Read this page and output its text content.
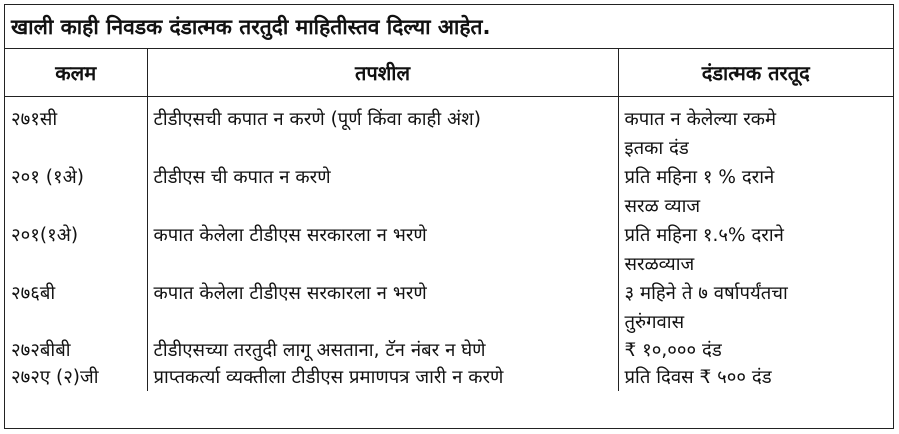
खाली काही निवडक दंडात्मक तरतुदी माहितीस्तव दिल्या आहेत.
कलम	तपशील	दंडात्मक तरतूद
२७१सी	टीडीएसची कपात न करणे (पूर्ण किंवा काही अंश)	कपात न केलेल्या रकमे
इतका दंड
२०१ (१अे)	टीडीएस ची कपात न करणे	प्रति महिना १ % दराने
सरळ व्याज
२०१(१अे)	कपात केलेला टीडीएस सरकारला न भरणे	प्रति महिना १.५% दराने
सरळव्याज
२७६बी	कपात केलेला टीडीएस सरकारला न भरणे	३ महिने ते ७ वर्षापर्यंतचा
तुरुंगवास
२७२बीबी	टीडीएसच्या तरतुदी लागू असताना, टॅन नंबर न घेणे	₹ १०,००० दंड
२७२ए (२)जी	प्राप्तकर्त्या व्यक्तीला टीडीएस प्रमाणपत्र जारी न करणे	प्रति दिवस ₹ ५०० दंड
